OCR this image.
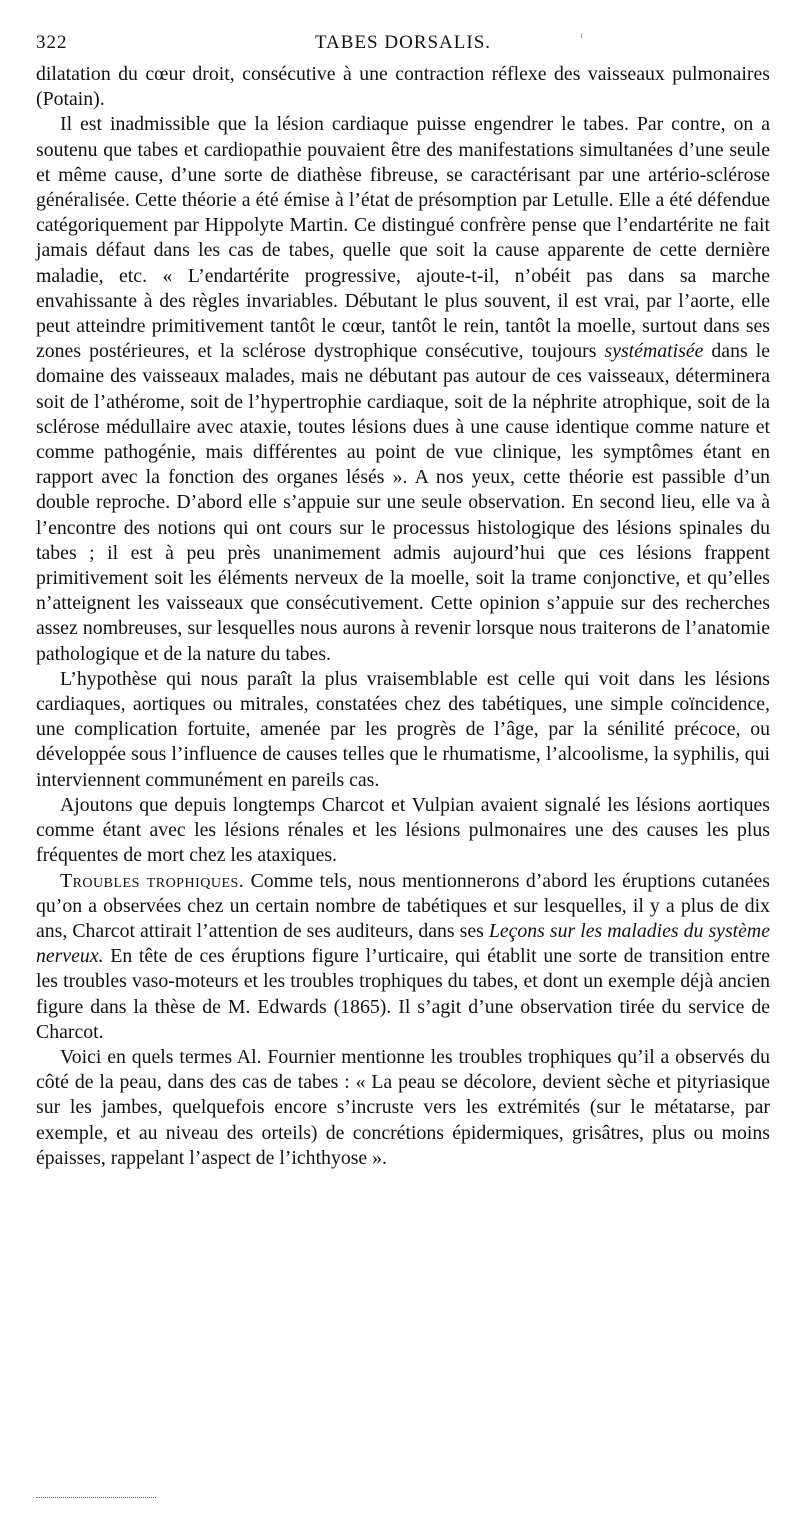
322	TABES DORSALIS.	ı

dilatation du cœur droit, consécutive à une contraction réflexe des vaisseaux pulmonaires (Potain).

Il est inadmissible que la lésion cardiaque puisse engendrer le tabes. Par contre, on a soutenu que tabes et cardiopathie pouvaient être des manifestations simultanées d’une seule et même cause, d’une sorte de diathèse fibreuse, se caractérisant par une artério-sclérose généralisée. Cette théorie a été émise à l’état de présomption par Letulle. Elle a été défendue catégoriquement par Hippolyte Martin. Ce distingué confrère pense que l’endartérite ne fait jamais défaut dans les cas de tabes, quelle que soit la cause apparente de cette dernière maladie, etc. « L’endartérite progressive, ajoute-t-il, n’obéit pas dans sa marche envahissante à des règles invariables. Débutant le plus souvent, il est vrai, par l’aorte, elle peut atteindre primitivement tantôt le cœur, tantôt le rein, tantôt la moelle, surtout dans ses zones postérieures, et la sclérose dystrophique consécutive, toujours systématisée dans le domaine des vaisseaux malades, mais ne débutant pas autour de ces vaisseaux, déterminera soit de l’athérome, soit de l’hypertrophie cardiaque, soit de la néphrite atrophique, soit de la sclérose médullaire avec ataxie, toutes lésions dues à une cause identique comme nature et comme pathogénie, mais différentes au point de vue clinique, les symptômes étant en rapport avec la fonction des organes lésés ». A nos yeux, cette théorie est passible d’un double reproche. D’abord elle s’appuie sur une seule observation. En second lieu, elle va à l’encontre des notions qui ont cours sur le processus histologique des lésions spinales du tabes ; il est à peu près unanimement admis aujourd’hui que ces lésions frappent primitivement soit les éléments nerveux de la moelle, soit la trame conjonctive, et qu’elles n’atteignent les vaisseaux que consécutivement. Cette opinion s’appuie sur des recherches assez nombreuses, sur lesquelles nous aurons à revenir lorsque nous traiterons de l’anatomie pathologique et de la nature du tabes.

L’hypothèse qui nous paraît la plus vraisemblable est celle qui voit dans les lésions cardiaques, aortiques ou mitrales, constatées chez des tabétiques, une simple coïncidence, une complication fortuite, amenée par les progrès de l’âge, par la sénilité précoce, ou développée sous l’influence de causes telles que le rhumatisme, l’alcoolisme, la syphilis, qui interviennent communément en pareils cas.

Ajoutons que depuis longtemps Charcot et Vulpian avaient signalé les lésions aortiques comme étant avec les lésions rénales et les lésions pulmonaires une des causes les plus fréquentes de mort chez les ataxiques.

Troubles trophiques. Comme tels, nous mentionnerons d’abord les éruptions cutanées qu’on a observées chez un certain nombre de tabétiques et sur lesquelles, il y a plus de dix ans, Charcot attirait l’attention de ses auditeurs, dans ses Leçons sur les maladies du système nerveux. En tête de ces éruptions figure l’urticaire, qui établit une sorte de transition entre les troubles vaso-moteurs et les troubles trophiques du tabes, et dont un exemple déjà ancien figure dans la thèse de M. Edwards (1865). Il s’agit d’une observation tirée du service de Charcot.

Voici en quels termes Al. Fournier mentionne les troubles trophiques qu’il a observés du côté de la peau, dans des cas de tabes : « La peau se décolore, devient sèche et pityriasique sur les jambes, quelquefois encore s’incruste vers les extrémités (sur le métatarse, par exemple, et au niveau des orteils) de concrétions épidermiques, grisâtres, plus ou moins épaisses, rappelant l’aspect de l’ichthyose ».
